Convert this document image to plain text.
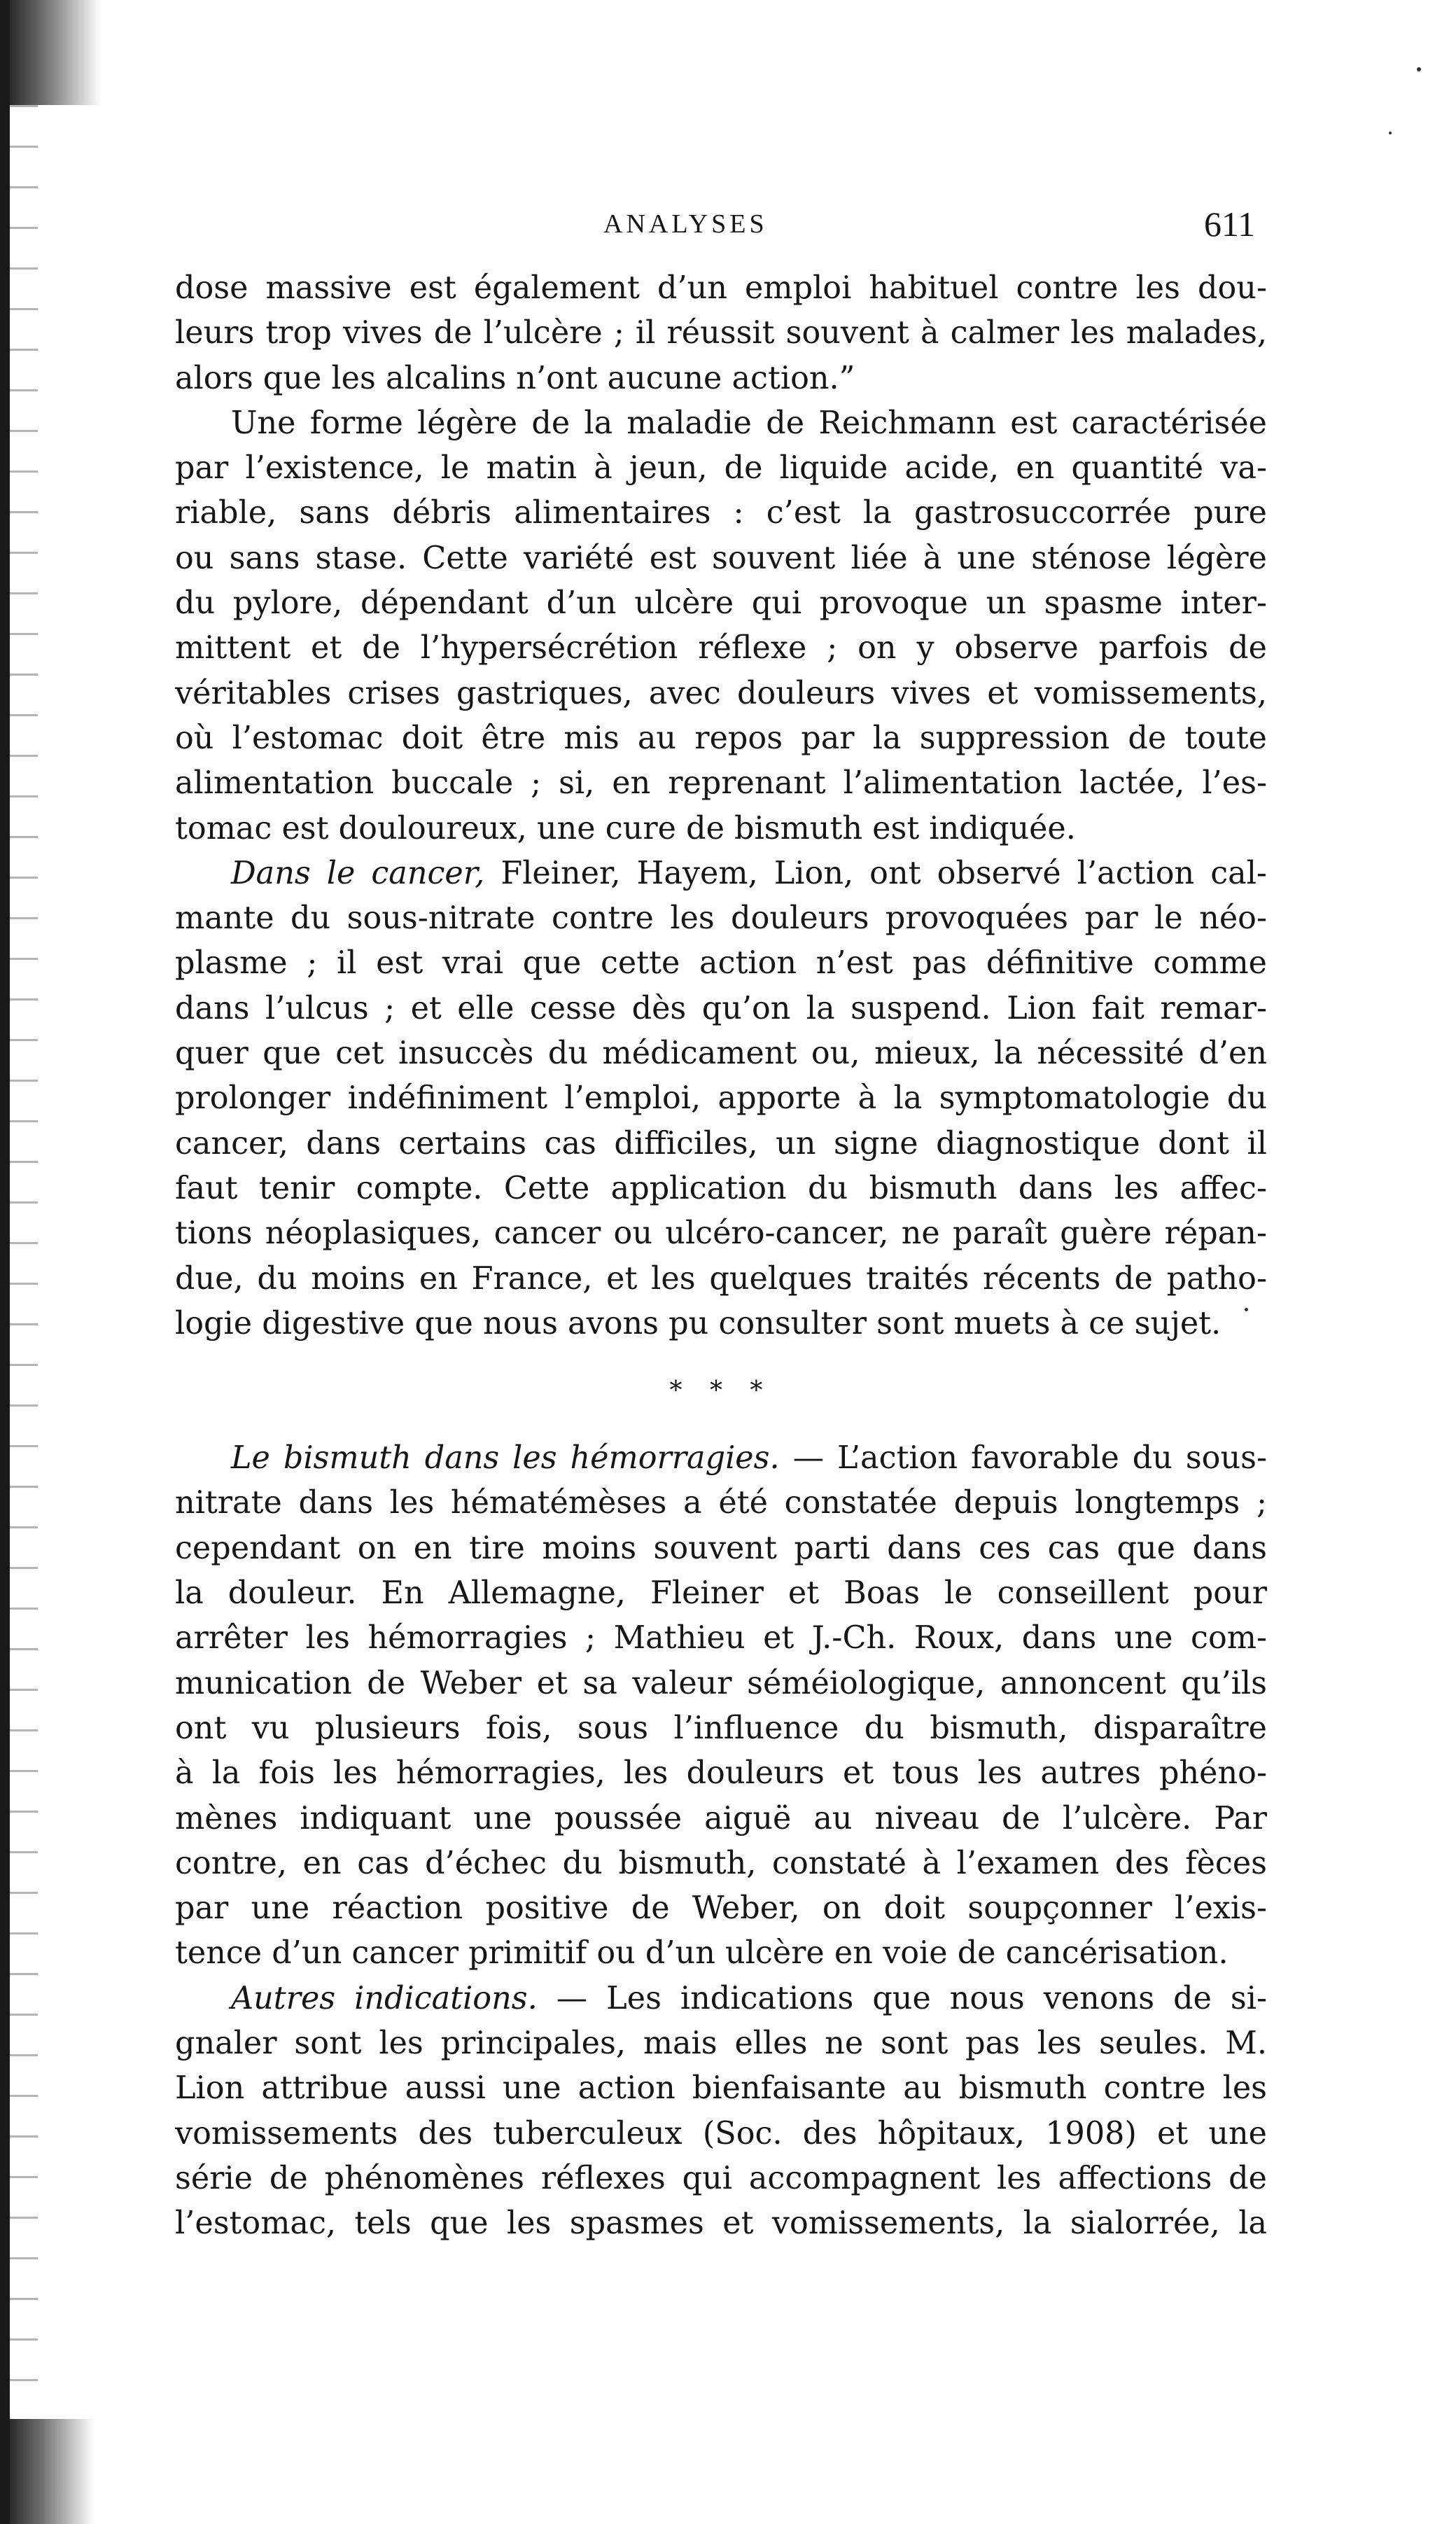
ANALYSES	611
dose massive est également d’un emploi habituel contre les dou-
leurs trop vives de l’ulcère ; il réussit souvent à calmer les malades,
alors que les alcalins n’ont aucune action.”
Une forme légère de la maladie de Reichmann est caractérisée
par l’existence, le matin à jeun, de liquide acide, en quantité va-
riable, sans débris alimentaires : c’est la gastrosuccorrée pure
ou sans stase. Cette variété est souvent liée à une sténose légère
du pylore, dépendant d’un ulcère qui provoque un spasme inter-
mittent et de l’hypersécrétion réflexe ; on y observe parfois de
véritables crises gastriques, avec douleurs vives et vomissements,
où l’estomac doit être mis au repos par la suppression de toute
alimentation buccale ; si, en reprenant l’alimentation lactée, l’es-
tomac est douloureux, une cure de bismuth est indiquée.
Dans le cancer, Fleiner, Hayem, Lion, ont observé l’action cal-
mante du sous-nitrate contre les douleurs provoquées par le néo-
plasme ; il est vrai que cette action n’est pas définitive comme
dans l’ulcus ; et elle cesse dès qu’on la suspend. Lion fait remar-
quer que cet insuccès du médicament ou, mieux, la nécessité d’en
prolonger indéfiniment l’emploi, apporte à la symptomatologie du
cancer, dans certains cas difficiles, un signe diagnostique dont il
faut tenir compte. Cette application du bismuth dans les affec-
tions néoplasiques, cancer ou ulcéro-cancer, ne paraît guère répan-
due, du moins en France, et les quelques traités récents de patho-
logie digestive que nous avons pu consulter sont muets à ce sujet.
* * *
Le bismuth dans les hémorragies. — L’action favorable du sous-
nitrate dans les hématémèses a été constatée depuis longtemps ;
cependant on en tire moins souvent parti dans ces cas que dans
la douleur. En Allemagne, Fleiner et Boas le conseillent pour
arrêter les hémorragies ; Mathieu et J.-Ch. Roux, dans une com-
munication de Weber et sa valeur séméiologique, annoncent qu’ils
ont vu plusieurs fois, sous l’influence du bismuth, disparaître
à la fois les hémorragies, les douleurs et tous les autres phéno-
mènes indiquant une poussée aiguë au niveau de l’ulcère. Par
contre, en cas d’échec du bismuth, constaté à l’examen des fèces
par une réaction positive de Weber, on doit soupçonner l’exis-
tence d’un cancer primitif ou d’un ulcère en voie de cancérisation.
Autres indications. — Les indications que nous venons de si-
gnaler sont les principales, mais elles ne sont pas les seules. M.
Lion attribue aussi une action bienfaisante au bismuth contre les
vomissements des tuberculeux (Soc. des hôpitaux, 1908) et une
série de phénomènes réflexes qui accompagnent les affections de
l’estomac, tels que les spasmes et vomissements, la sialorrée, la
